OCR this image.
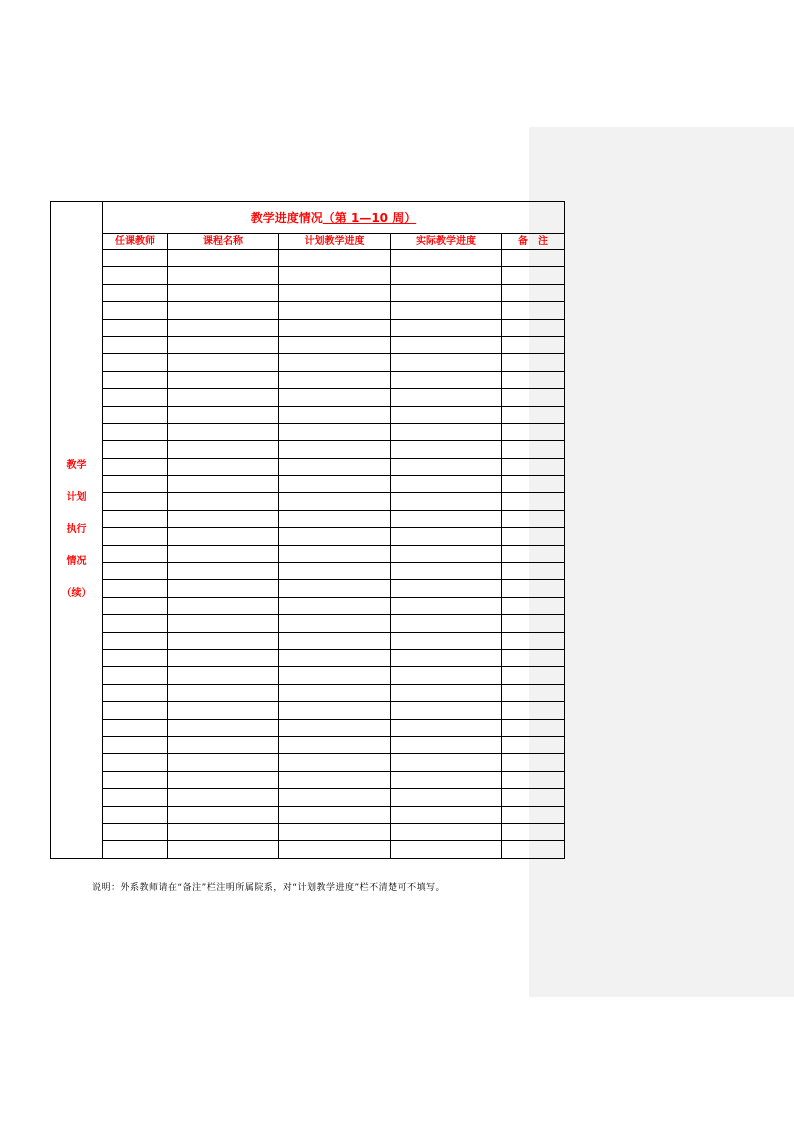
教学
计划
执行
情况
（续）	教学进度情况（第 1—10 周）				
	任课教师	课程名称	计划教学进度	实际教学进度	备　注

说明：外系教师请在“备注”栏注明所属院系，对“计划教学进度”栏不清楚可不填写。
